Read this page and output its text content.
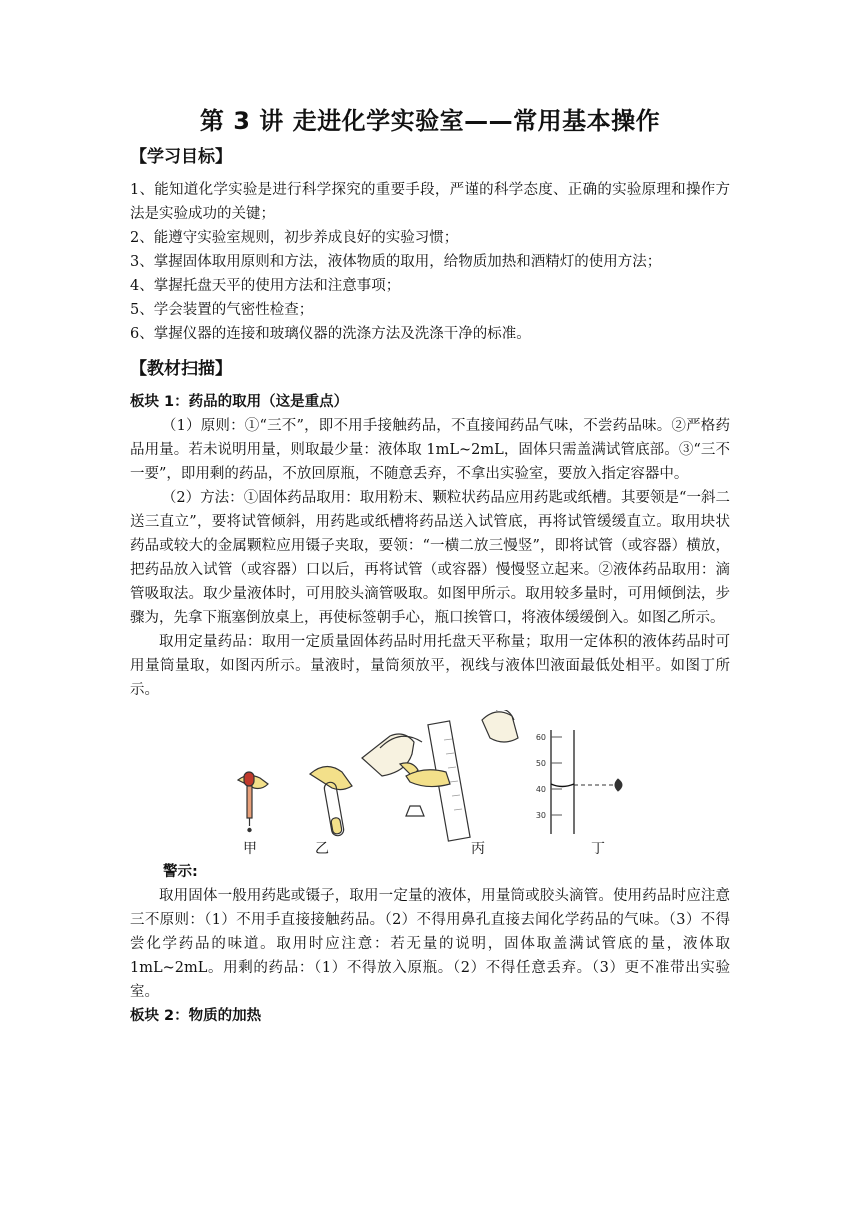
第 3 讲 走进化学实验室——常用基本操作
【学习目标】

1、能知道化学实验是进行科学探究的重要手段，严谨的科学态度、正确的实验原理和操作方法是实验成功的关键；

2、能遵守实验室规则，初步养成良好的实验习惯；

3、掌握固体取用原则和方法，液体物质的取用，给物质加热和酒精灯的使用方法；

4、掌握托盘天平的使用方法和注意事项；

5、学会装置的气密性检查；

6、掌握仪器的连接和玻璃仪器的洗涤方法及洗涤干净的标准。

【教材扫描】

板块 1：药品的取用（这是重点）

（1）原则：①“三不”，即不用手接触药品，不直接闻药品气味，不尝药品味。②严格药品用量。若未说明用量，则取最少量：液体取 1mL~2mL，固体只需盖满试管底部。③“三不一要”，即用剩的药品，不放回原瓶，不随意丢弃，不拿出实验室，要放入指定容器中。

（2）方法：①固体药品取用：取用粉末、颗粒状药品应用药匙或纸槽。其要领是“一斜二送三直立”，要将试管倾斜，用药匙或纸槽将药品送入试管底，再将试管缓缓直立。取用块状药品或较大的金属颗粒应用镊子夹取，要领：“一横二放三慢竖”，即将试管（或容器）横放，把药品放入试管（或容器）口以后，再将试管（或容器）慢慢竖立起来。②液体药品取用：滴管吸取法。取少量液体时，可用胶头滴管吸取。如图甲所示。取用较多量时，可用倾倒法，步骤为，先拿下瓶塞倒放桌上，再使标签朝手心，瓶口挨管口，将液体缓缓倒入。如图乙所示。

取用定量药品：取用一定质量固体药品时用托盘天平称量；取用一定体积的液体药品时可用量筒量取，如图丙所示。量液时，量筒须放平，视线与液体凹液面最低处相平。如图丁所示。

60
50
40
30
甲	乙	丙	丁

警示:

取用固体一般用药匙或镊子，取用一定量的液体，用量筒或胶头滴管。使用药品时应注意三不原则：（1）不用手直接接触药品。（2）不得用鼻孔直接去闻化学药品的气味。（3）不得尝化学药品的味道。取用时应注意：若无量的说明，固体取盖满试管底的量，液体取 1mL~2mL。用剩的药品：（1）不得放入原瓶。（2）不得任意丢弃。（3）更不准带出实验室。

板块 2：物质的加热
